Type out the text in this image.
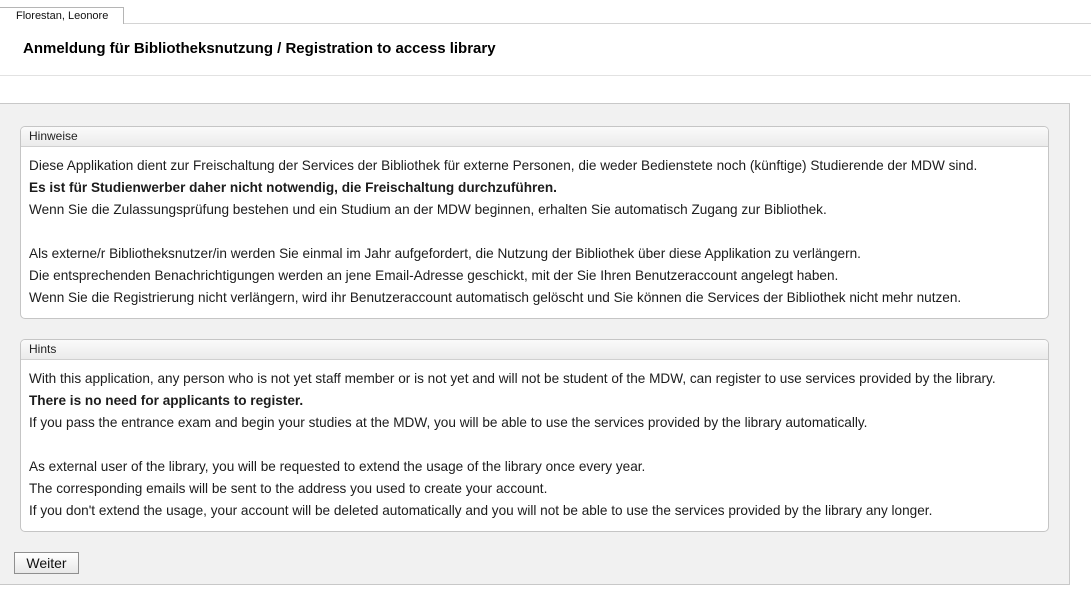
Florestan, Leonore
Anmeldung für Bibliotheksnutzung / Registration to access library
Hinweise

Diese Applikation dient zur Freischaltung der Services der Bibliothek für externe Personen, die weder Bedienstete noch (künftige) Studierende der MDW sind.

Es ist für Studienwerber daher nicht notwendig, die Freischaltung durchzuführen.

Wenn Sie die Zulassungsprüfung bestehen und ein Studium an der MDW beginnen, erhalten Sie automatisch Zugang zur Bibliothek.

Als externe/r Bibliotheksnutzer/in werden Sie einmal im Jahr aufgefordert, die Nutzung der Bibliothek über diese Applikation zu verlängern.

Die entsprechenden Benachrichtigungen werden an jene Email-Adresse geschickt, mit der Sie Ihren Benutzeraccount angelegt haben.

Wenn Sie die Registrierung nicht verlängern, wird ihr Benutzeraccount automatisch gelöscht und Sie können die Services der Bibliothek nicht mehr nutzen.

Hints

With this application, any person who is not yet staff member or is not yet and will not be student of the MDW, can register to use services provided by the library.

There is no need for applicants to register.

If you pass the entrance exam and begin your studies at the MDW, you will be able to use the services provided by the library automatically.

As external user of the library, you will be requested to extend the usage of the library once every year.

The corresponding emails will be sent to the address you used to create your account.

If you don't extend the usage, your account will be deleted automatically and you will not be able to use the services provided by the library any longer.

Weiter
